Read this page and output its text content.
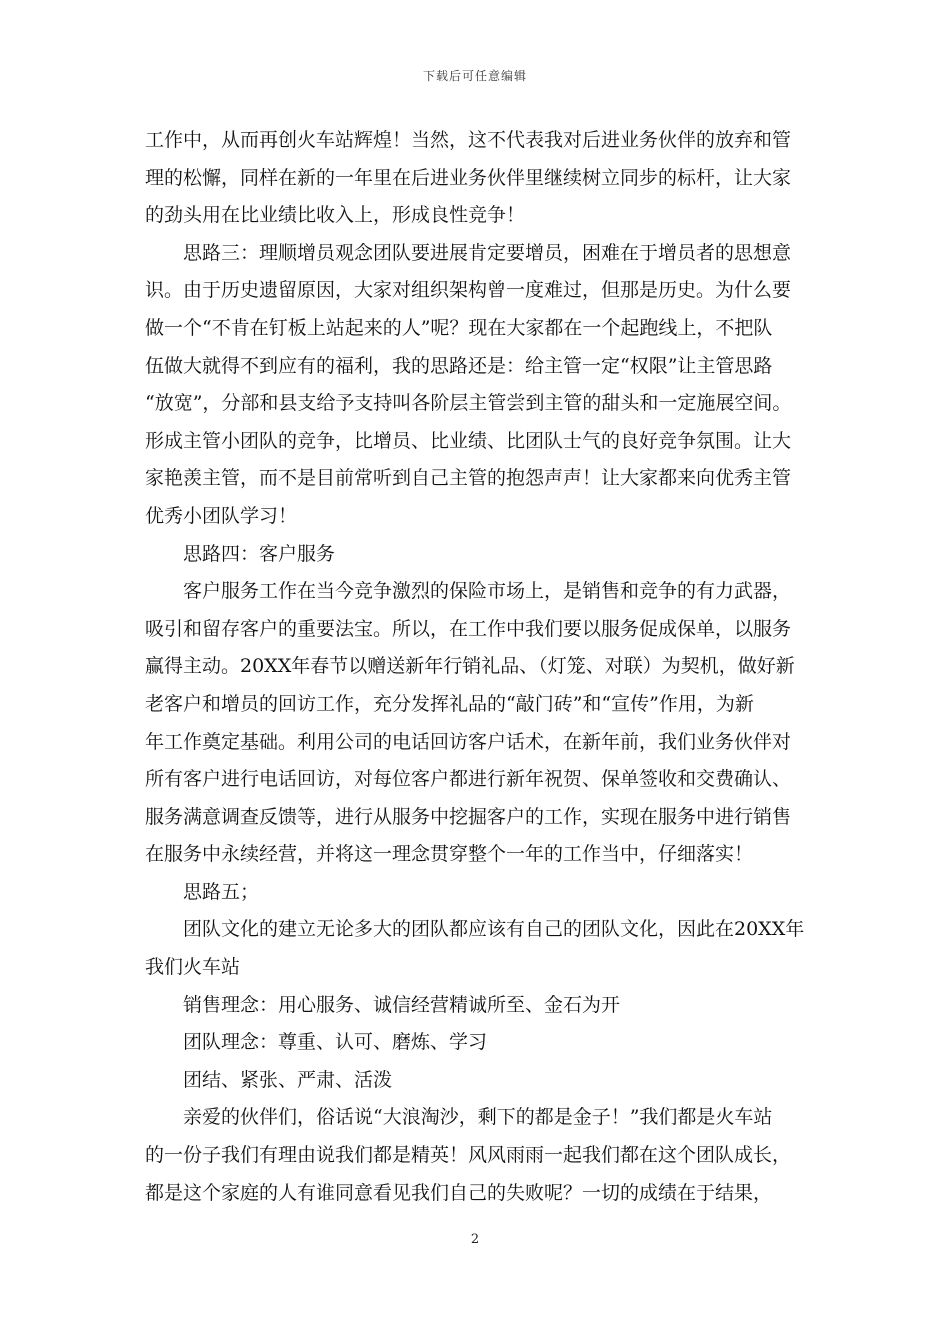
下载后可任意编辑
工作中，从而再创火车站辉煌！当然，这不代表我对后进业务伙伴的放弃和管
理的松懈，同样在新的一年里在后进业务伙伴里继续树立同步的标杆，让大家
的劲头用在比业绩比收入上，形成良性竞争！
思路三：理顺增员观念团队要进展肯定要增员，困难在于增员者的思想意
识。由于历史遗留原因，大家对组织架构曾一度难过，但那是历史。为什么要
做一个“不肯在钉板上站起来的人”呢？现在大家都在一个起跑线上，不把队
伍做大就得不到应有的福利，我的思路还是：给主管一定“权限”让主管思路
“放宽”，分部和县支给予支持叫各阶层主管尝到主管的甜头和一定施展空间。
形成主管小团队的竞争，比增员、比业绩、比团队士气的良好竞争氛围。让大
家艳羡主管，而不是目前常听到自己主管的抱怨声声！让大家都来向优秀主管
优秀小团队学习！
思路四：客户服务
客户服务工作在当今竞争激烈的保险市场上，是销售和竞争的有力武器，
吸引和留存客户的重要法宝。所以，在工作中我们要以服务促成保单，以服务
赢得主动。20XX年春节以赠送新年行销礼品、（灯笼、对联）为契机，做好新
老客户和增员的回访工作，充分发挥礼品的“敲门砖”和“宣传”作用，为新
年工作奠定基础。利用公司的电话回访客户话术，在新年前，我们业务伙伴对
所有客户进行电话回访，对每位客户都进行新年祝贺、保单签收和交费确认、
服务满意调查反馈等，进行从服务中挖掘客户的工作，实现在服务中进行销售
在服务中永续经营，并将这一理念贯穿整个一年的工作当中，仔细落实！
思路五；
团队文化的建立无论多大的团队都应该有自己的团队文化，因此在20XX年
我们火车站
销售理念：用心服务、诚信经营精诚所至、金石为开
团队理念：尊重、认可、磨炼、学习
团结、紧张、严肃、活泼
亲爱的伙伴们，俗话说“大浪淘沙，剩下的都是金子！”我们都是火车站
的一份子我们有理由说我们都是精英！风风雨雨一起我们都在这个团队成长，
都是这个家庭的人有谁同意看见我们自己的失败呢？一切的成绩在于结果，
2
